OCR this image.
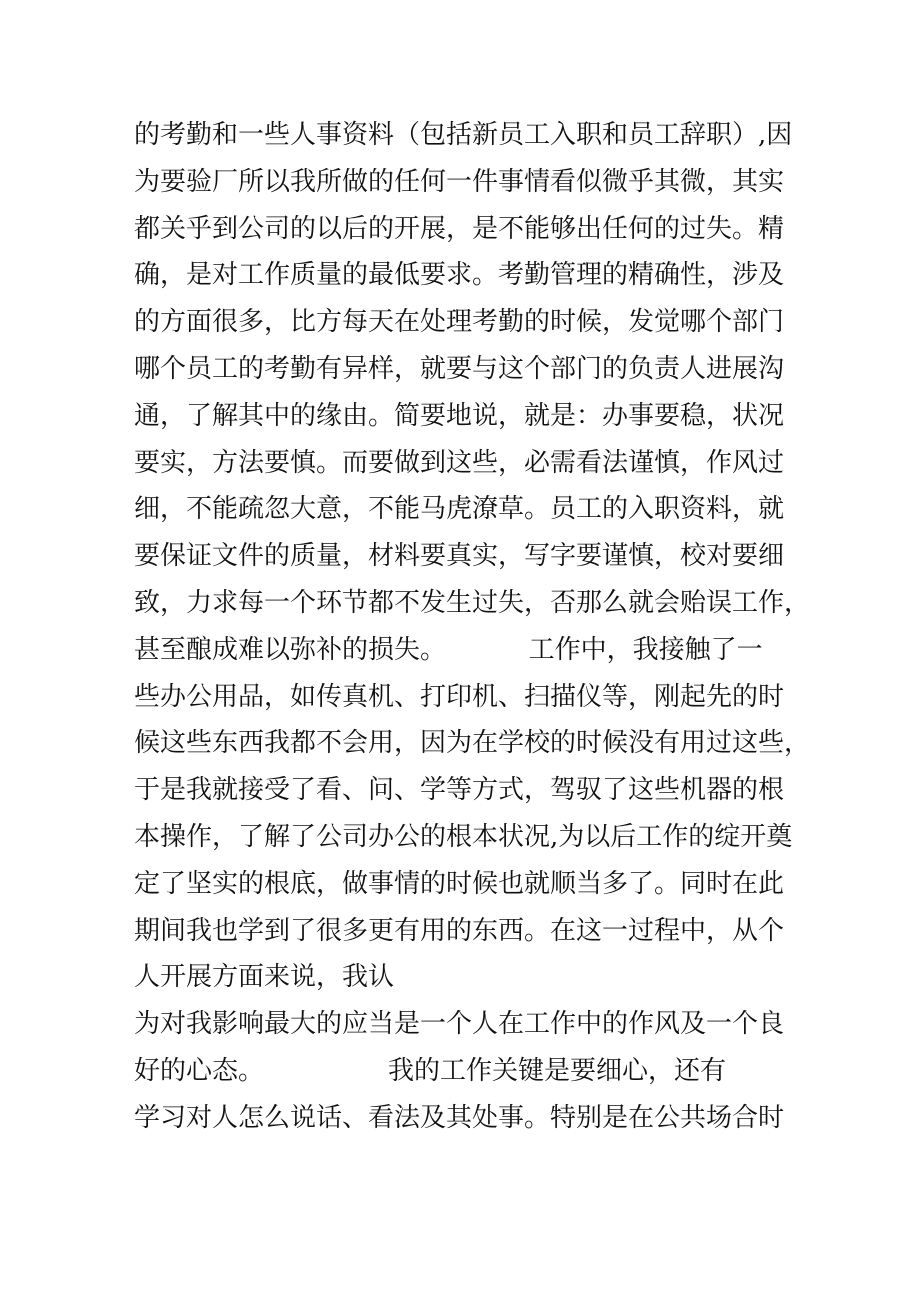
的考勤和一些人事资料（包括新员工入职和员工辞职）,因
为要验厂所以我所做的任何一件事情看似微乎其微，其实
都关乎到公司的以后的开展，是不能够出任何的过失。精
确，是对工作质量的最低要求。考勤管理的精确性，涉及
的方面很多，比方每天在处理考勤的时候，发觉哪个部门
哪个员工的考勤有异样，就要与这个部门的负责人进展沟
通，了解其中的缘由。简要地说，就是：办事要稳，状况
要实，方法要慎。而要做到这些，必需看法谨慎，作风过
细，不能疏忽大意，不能马虎潦草。员工的入职资料，就
要保证文件的质量，材料要真实，写字要谨慎，校对要细
致，力求每一个环节都不发生过失，否那么就会贻误工作，
甚至酿成难以弥补的损失。          工作中，我接触了一
些办公用品，如传真机、打印机、扫描仪等，刚起先的时
候这些东西我都不会用，因为在学校的时候没有用过这些，
于是我就接受了看、问、学等方式，驾驭了这些机器的根
本操作，了解了公司办公的根本状况,为以后工作的绽开奠
定了坚实的根底，做事情的时候也就顺当多了。同时在此
期间我也学到了很多更有用的东西。在这一过程中，从个
人开展方面来说，我认
为对我影响最大的应当是一个人在工作中的作风及一个良
好的心态。               我的工作关键是要细心，还有
学习对人怎么说话、看法及其处事。特别是在公共场合时
